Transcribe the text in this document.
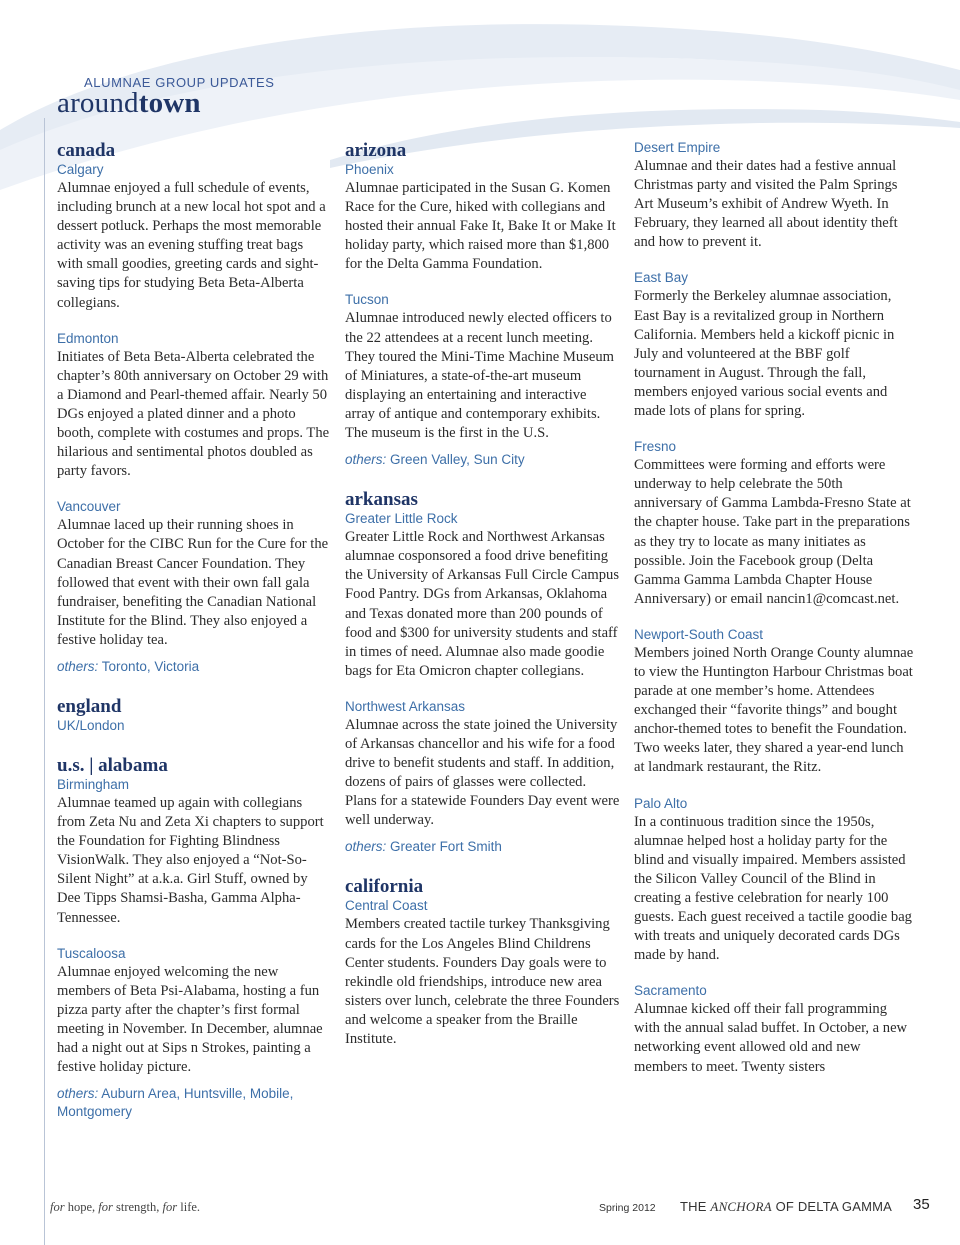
ALUMNAE GROUP UPDATES
aroundtown
canada
Calgary

Alumnae enjoyed a full schedule of events, including brunch at a new local hot spot and a dessert potluck. Perhaps the most memorable activity was an evening stuffing treat bags with small goodies, greeting cards and sight-saving tips for studying Beta Beta-Alberta collegians.

Edmonton

Initiates of Beta Beta-Alberta celebrated the chapter’s 80th anniversary on October 29 with a Diamond and Pearl-themed affair. Nearly 50 DGs enjoyed a plated dinner and a photo booth, complete with costumes and props. The hilarious and sentimental photos doubled as party favors.

Vancouver

Alumnae laced up their running shoes in October for the CIBC Run for the Cure for the Canadian Breast Cancer Foundation. They followed that event with their own fall gala fundraiser, benefiting the Canadian National Institute for the Blind. They also enjoyed a festive holiday tea.

others: Toronto, Victoria
england
UK/London
u.s. | alabama
Birmingham

Alumnae teamed up again with collegians from Zeta Nu and Zeta Xi chapters to support the Foundation for Fighting Blindness VisionWalk. They also enjoyed a “Not-So-Silent Night” at a.k.a. Girl Stuff, owned by Dee Tipps Shamsi-Basha, Gamma Alpha-Tennessee.

Tuscaloosa

Alumnae enjoyed welcoming the new members of Beta Psi-Alabama, hosting a fun pizza party after the chapter’s first formal meeting in November. In December, alumnae had a night out at Sips n Strokes, painting a festive holiday picture.

others: Auburn Area, Huntsville, Mobile, Montgomery
arizona
Phoenix

Alumnae participated in the Susan G. Komen Race for the Cure, hiked with collegians and hosted their annual Fake It, Bake It or Make It holiday party, which raised more than $1,800 for the Delta Gamma Foundation.

Tucson

Alumnae introduced newly elected officers to the 22 attendees at a recent lunch meeting. They toured the Mini-Time Machine Museum of Miniatures, a state-of-the-art museum displaying an entertaining and interactive array of antique and contemporary exhibits. The museum is the first in the U.S.

others: Green Valley, Sun City
arkansas
Greater Little Rock

Greater Little Rock and Northwest Arkansas alumnae cosponsored a food drive benefiting the University of Arkansas Full Circle Campus Food Pantry. DGs from Arkansas, Oklahoma and Texas donated more than 200 pounds of food and $300 for university students and staff in times of need. Alumnae also made goodie bags for Eta Omicron chapter collegians.

Northwest Arkansas

Alumnae across the state joined the University of Arkansas chancellor and his wife for a food drive to benefit students and staff. In addition, dozens of pairs of glasses were collected. Plans for a statewide Founders Day event were well underway.

others: Greater Fort Smith
california
Central Coast

Members created tactile turkey Thanksgiving cards for the Los Angeles Blind Childrens Center students. Founders Day goals were to rekindle old friendships, introduce new area sisters over lunch, celebrate the three Founders and welcome a speaker from the Braille Institute.

Desert Empire

Alumnae and their dates had a festive annual Christmas party and visited the Palm Springs Art Museum’s exhibit of Andrew Wyeth. In February, they learned all about identity theft and how to prevent it.

East Bay

Formerly the Berkeley alumnae association, East Bay is a revitalized group in Northern California. Members held a kickoff picnic in July and volunteered at the BBF golf tournament in August. Through the fall, members enjoyed various social events and made lots of plans for spring.

Fresno

Committees were forming and efforts were underway to help celebrate the 50th anniversary of Gamma Lambda-Fresno State at the chapter house. Take part in the preparations as they try to locate as many initiates as possible. Join the Facebook group (Delta Gamma Gamma Lambda Chapter House Anniversary) or email nancin1@comcast.net.

Newport-South Coast

Members joined North Orange County alumnae to view the Huntington Harbour Christmas boat parade at one member’s home. Attendees exchanged their “favorite things” and bought anchor-themed totes to benefit the Foundation. Two weeks later, they shared a year-end lunch at landmark restaurant, the Ritz.

Palo Alto

In a continuous tradition since the 1950s, alumnae helped host a holiday party for the blind and visually impaired. Members assisted the Silicon Valley Council of the Blind in creating a festive celebration for nearly 100 guests. Each guest received a tactile goodie bag with treats and uniquely decorated cards DGs made by hand.

Sacramento

Alumnae kicked off their fall programming with the annual salad buffet. In October, a new networking event allowed old and new members to meet. Twenty sisters

for hope, for strength, for life.	Spring 2012 THE ANCHORA OF DELTA GAMMA 35
